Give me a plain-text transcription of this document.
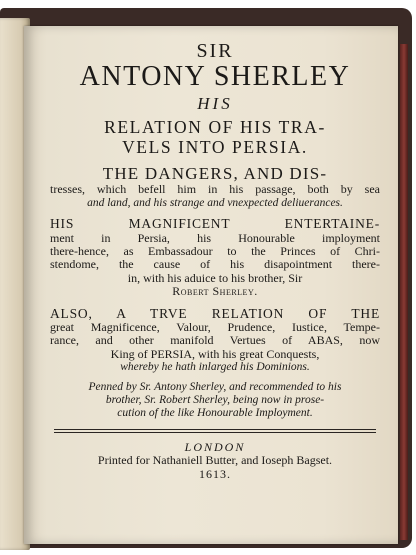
SIR
ANTONY SHERLEY
HIS
RELATION OF HIS TRA-
VELS INTO PERSIA.
THE DANGERS, AND DIS-
tresses, which befell him in his passage, both by sea
and land, and his strange and vnexpected deliuerances.
HIS MAGNIFICENT ENTERTAINE-
ment in Persia, his Honourable imployment
there-hence, as Embassadour to the Princes of Chri-
stendome, the cause of his disapointment there-
in, with his aduice to his brother, Sir
Robert Sherley.
ALSO, A TRVE RELATION OF THE
great Magnificence, Valour, Prudence, Iustice, Tempe-
rance, and other manifold Vertues of ABAS, now
King of PERSIA, with his great Conquests,
whereby he hath inlarged his Dominions.
Penned by Sr. Antony Sherley, and recommended to his
brother, Sr. Robert Sherley, being now in prose-
cution of the like Honourable Imployment.
LONDON
Printed for Nathaniell Butter, and Ioseph Bagset.
1613.
